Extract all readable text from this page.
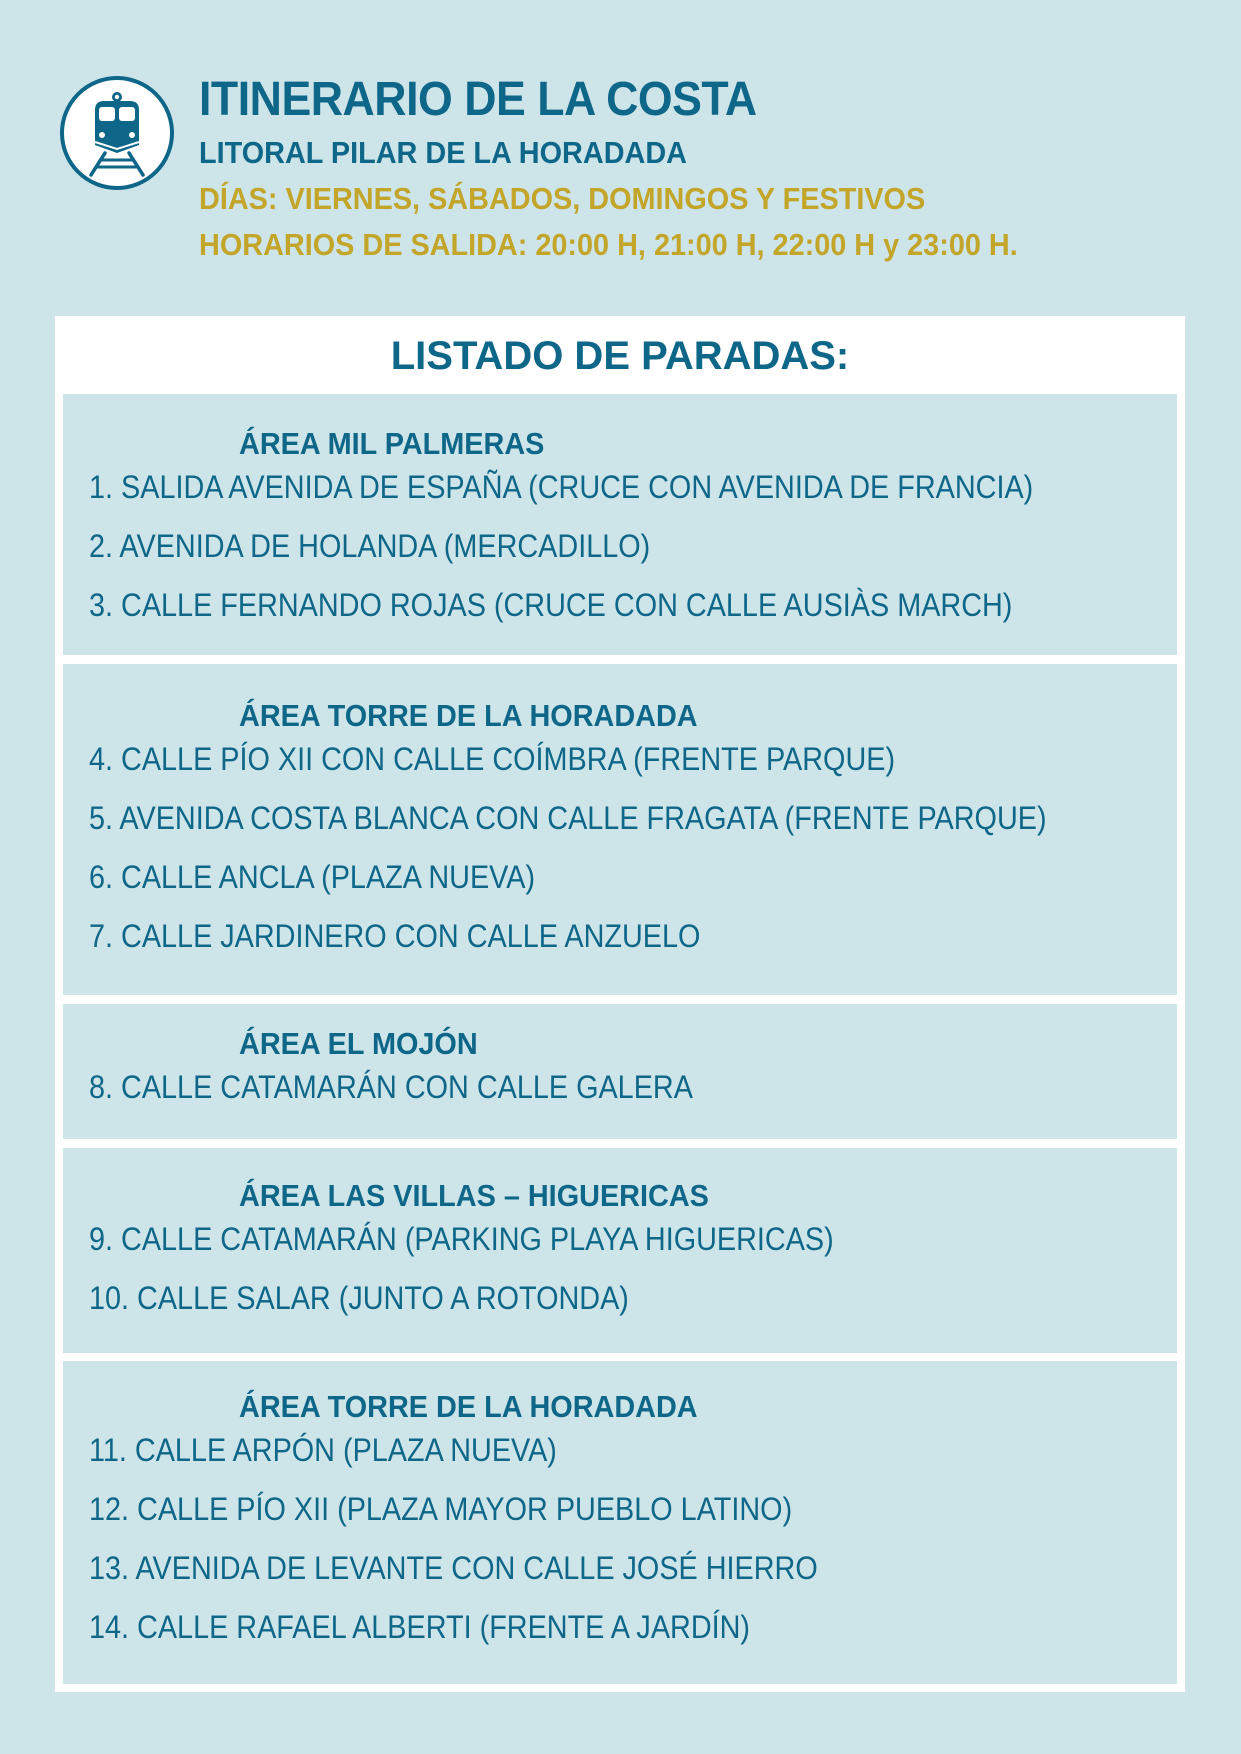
ITINERARIO DE LA COSTA
LITORAL PILAR DE LA HORADADA
DÍAS: VIERNES, SÁBADOS, DOMINGOS Y FESTIVOS
HORARIOS DE SALIDA: 20:00 H, 21:00 H, 22:00 H y 23:00 H.
LISTADO DE PARADAS:
ÁREA MIL PALMERAS
1. SALIDA AVENIDA DE ESPAÑA (CRUCE CON AVENIDA DE FRANCIA)
2. AVENIDA DE HOLANDA (MERCADILLO)
3. CALLE FERNANDO ROJAS (CRUCE CON CALLE AUSIÀS MARCH)
ÁREA TORRE DE LA HORADADA
4. CALLE PÍO XII CON CALLE COÍMBRA (FRENTE PARQUE)
5. AVENIDA COSTA BLANCA CON CALLE FRAGATA (FRENTE PARQUE)
6. CALLE ANCLA (PLAZA NUEVA)
7. CALLE JARDINERO CON CALLE ANZUELO
ÁREA EL MOJÓN
8. CALLE CATAMARÁN CON CALLE GALERA
ÁREA LAS VILLAS – HIGUERICAS
9. CALLE CATAMARÁN (PARKING PLAYA HIGUERICAS)
10. CALLE SALAR (JUNTO A ROTONDA)
ÁREA TORRE DE LA HORADADA
11. CALLE ARPÓN (PLAZA NUEVA)
12. CALLE PÍO XII (PLAZA MAYOR PUEBLO LATINO)
13. AVENIDA DE LEVANTE CON CALLE JOSÉ HIERRO
14. CALLE RAFAEL ALBERTI (FRENTE A JARDÍN)
